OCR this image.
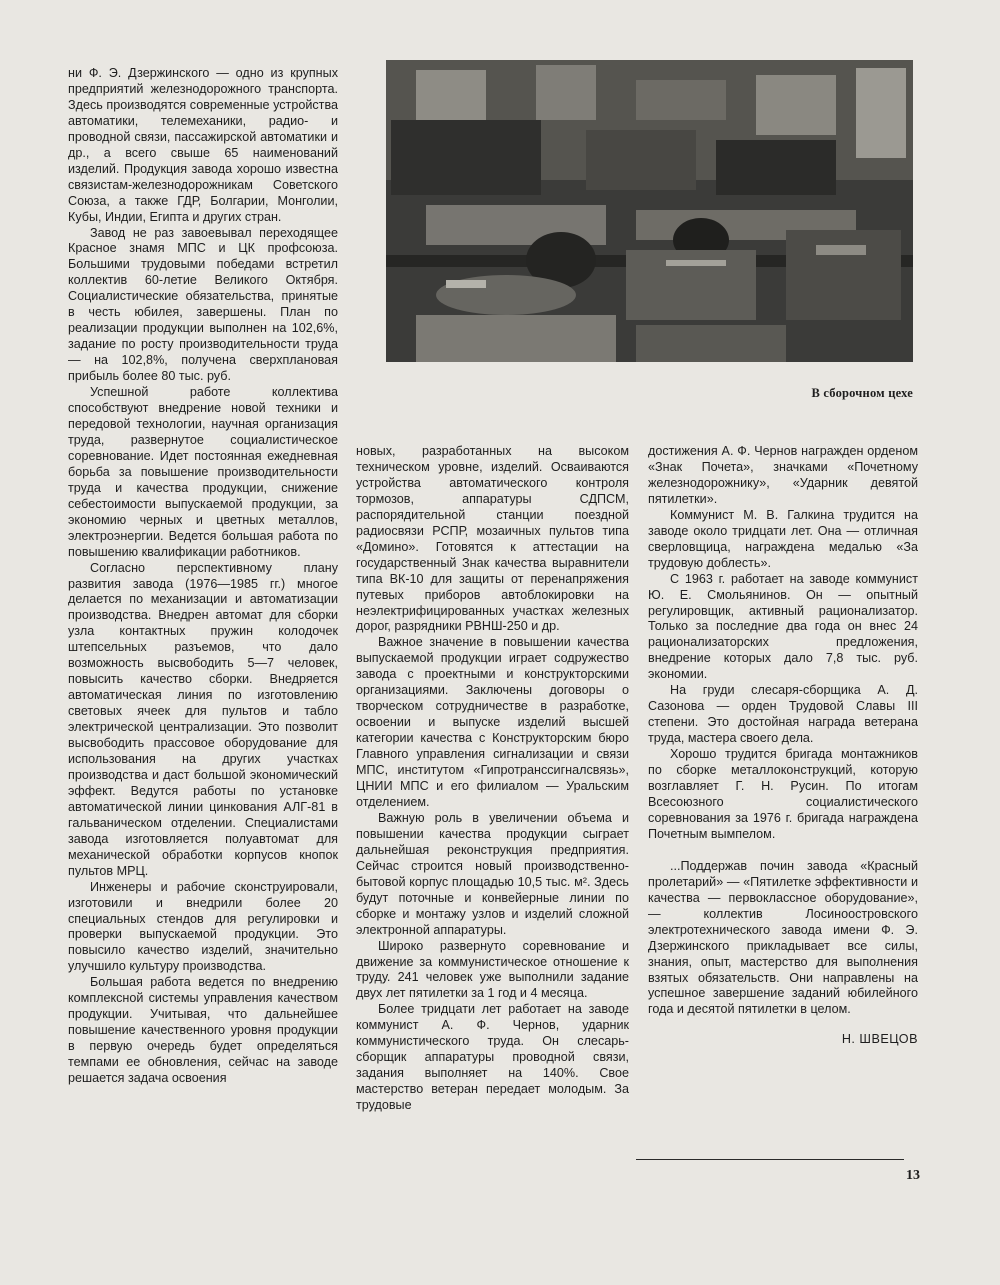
ни Ф. Э. Дзержинского — одно из крупных предприятий железнодорожного транспорта. Здесь производятся современные устройства автоматики, телемеханики, радио- и проводной связи, пассажирской автоматики и др., а всего свыше 65 наименований изделий. Продукция завода хорошо известна связистам-железнодорожникам Советского Союза, а также ГДР, Болгарии, Монголии, Кубы, Индии, Египта и других стран.

Завод не раз завоевывал переходящее Красное знамя МПС и ЦК профсоюза. Большими трудовыми победами встретил коллектив 60-летие Великого Октября. Социалистические обязательства, принятые в честь юбилея, завершены. План по реализации продукции выполнен на 102,6%, задание по росту производительности труда — на 102,8%, получена сверхплановая прибыль более 80 тыс. руб.

Успешной работе коллектива способствуют внедрение новой техники и передовой технологии, научная организация труда, развернутое социалистическое соревнование. Идет постоянная ежедневная борьба за повышение производительности труда и качества продукции, снижение себестоимости выпускаемой продукции, за экономию черных и цветных металлов, электроэнергии. Ведется большая работа по повышению квалификации работников.

Согласно перспективному плану развития завода (1976—1985 гг.) многое делается по механизации и автоматизации производства. Внедрен автомат для сборки узла контактных пружин колодочек штепсельных разъемов, что дало возможность высвободить 5—7 человек, повысить качество сборки. Внедряется автоматическая линия по изготовлению световых ячеек для пультов и табло электрической централизации. Это позволит высвободить прассовое оборудование для использования на других участках производства и даст большой экономический эффект. Ведутся работы по установке автоматической линии цинкования АЛГ-81 в гальваническом отделении. Специалистами завода изготовляется полуавтомат для механической обработки корпусов кнопок пультов МРЦ.

Инженеры и рабочие сконструировали, изготовили и внедрили более 20 специальных стендов для регулировки и проверки выпускаемой продукции. Это повысило качество изделий, значительно улучшило культуру производства.

Большая работа ведется по внедрению комплексной системы управления качеством продукции. Учитывая, что дальнейшее повышение качественного уровня продукции в первую очередь будет определяться темпами ее обновления, сейчас на заводе решается задача освоения

В сборочном цехе

новых, разработанных на высоком техническом уровне, изделий. Осваиваются устройства автоматического контроля тормозов, аппаратуры СДПСМ, распорядительной станции поездной радиосвязи РСПР, мозаичных пультов типа «Домино». Готовятся к аттестации на государственный Знак качества выравнители типа ВК-10 для защиты от перенапряжения путевых приборов автоблокировки на неэлектрифицированных участках железных дорог, разрядники РВНШ-250 и др.

Важное значение в повышении качества выпускаемой продукции играет содружество завода с проектными и конструкторскими организациями. Заключены договоры о творческом сотрудничестве в разработке, освоении и выпуске изделий высшей категории качества с Конструкторским бюро Главного управления сигнализации и связи МПС, институтом «Гипротранссигналсвязь», ЦНИИ МПС и его филиалом — Уральским отделением.

Важную роль в увеличении объема и повышении качества продукции сыграет дальнейшая реконструкция предприятия. Сейчас строится новый производственно-бытовой корпус площадью 10,5 тыс. м². Здесь будут поточные и конвейерные линии по сборке и монтажу узлов и изделий сложной электронной аппаратуры.

Широко развернуто соревнование и движение за коммунистическое отношение к труду. 241 человек уже выполнили задание двух лет пятилетки за 1 год и 4 месяца.

Более тридцати лет работает на заводе коммунист А. Ф. Чернов, ударник коммунистического труда. Он слесарь-сборщик аппаратуры проводной связи, задания выполняет на 140%. Свое мастерство ветеран передает молодым. За трудовые

достижения А. Ф. Чернов награжден орденом «Знак Почета», значками «Почетному железнодорожнику», «Ударник девятой пятилетки».

Коммунист М. В. Галкина трудится на заводе около тридцати лет. Она — отличная сверловщица, награждена медалью «За трудовую доблесть».

С 1963 г. работает на заводе коммунист Ю. Е. Смольянинов. Он — опытный регулировщик, активный рационализатор. Только за последние два года он внес 24 рационализаторских предложения, внедрение которых дало 7,8 тыс. руб. экономии.

На груди слесаря-сборщика А. Д. Сазонова — орден Трудовой Славы III степени. Это достойная награда ветерана труда, мастера своего дела.

Хорошо трудится бригада монтажников по сборке металлоконструкций, которую возглавляет Г. Н. Русин. По итогам Всесоюзного социалистического соревнования за 1976 г. бригада награждена Почетным вымпелом.

...Поддержав почин завода «Красный пролетарий» — «Пятилетке эффективности и качества — первоклассное оборудование», — коллектив Лосиноостровского электротехнического завода имени Ф. Э. Дзержинского прикладывает все силы, знания, опыт, мастерство для выполнения взятых обязательств. Они направлены на успешное завершение заданий юбилейного года и десятой пятилетки в целом.

Н. ШВЕЦОВ
13
